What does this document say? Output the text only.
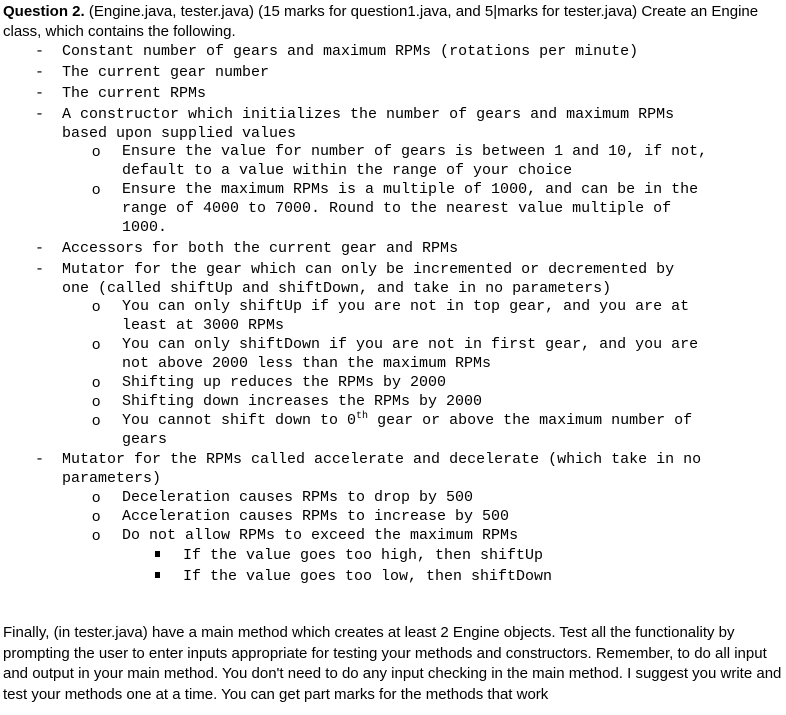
Question 2. (Engine.java, tester.java) (15 marks for question1.java, and 5|marks for tester.java) Create an Engine class, which contains the following.
- Constant number of gears and maximum RPMs (rotations per minute)
- The current gear number
- The current RPMs
- A constructor which initializes the number of gears and maximum RPMs
based upon supplied values
o Ensure the value for number of gears is between 1 and 10, if not,
default to a value within the range of your choice
o Ensure the maximum RPMs is a multiple of 1000, and can be in the
range of 4000 to 7000. Round to the nearest value multiple of
1000.
- Accessors for both the current gear and RPMs
- Mutator for the gear which can only be incremented or decremented by
one (called shiftUp and shiftDown, and take in no parameters)
o You can only shiftUp if you are not in top gear, and you are at
least at 3000 RPMs
o You can only shiftDown if you are not in first gear, and you are
not above 2000 less than the maximum RPMs
o Shifting up reduces the RPMs by 2000
o Shifting down increases the RPMs by 2000
o You cannot shift down to 0th gear or above the maximum number of
gears
- Mutator for the RPMs called accelerate and decelerate (which take in no
parameters)
o Deceleration causes RPMs to drop by 500
o Acceleration causes RPMs to increase by 500
o Do not allow RPMs to exceed the maximum RPMs
If the value goes too high, then shiftUp
If the value goes too low, then shiftDown
Finally, (in tester.java) have a main method which creates at least 2 Engine objects. Test all the functionality by prompting the user to enter inputs appropriate for testing your methods and constructors. Remember, to do all input and output in your main method. You don't need to do any input checking in the main method. I suggest you write and test your methods one at a time. You can get part marks for the methods that work
